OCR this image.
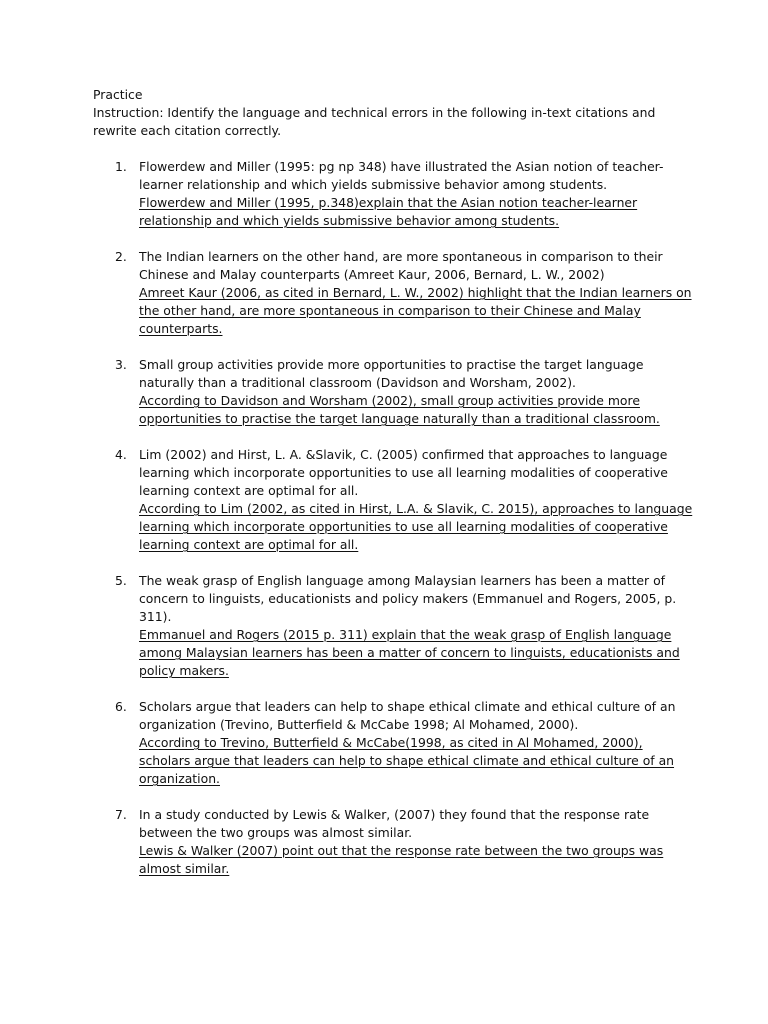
Practice

Instruction: Identify the language and technical errors in the following in-text citations and rewrite each citation correctly.

1. Flowerdew and Miller (1995: pg np 348) have illustrated the Asian notion of teacher-learner relationship and which yields submissive behavior among students.
Flowerdew and Miller (1995, p.348)explain that the Asian notion teacher-learner relationship and which yields submissive behavior among students.
2. The Indian learners on the other hand, are more spontaneous in comparison to their Chinese and Malay counterparts (Amreet Kaur, 2006, Bernard, L. W., 2002)
Amreet Kaur (2006, as cited in Bernard, L. W., 2002) highlight that the Indian learners on the other hand, are more spontaneous in comparison to their Chinese and Malay counterparts.
3. Small group activities provide more opportunities to practise the target language naturally than a traditional classroom (Davidson and Worsham, 2002).
According to Davidson and Worsham (2002), small group activities provide more opportunities to practise the target language naturally than a traditional classroom.
4. Lim (2002) and Hirst, L. A. &Slavik, C. (2005) confirmed that approaches to language learning which incorporate opportunities to use all learning modalities of cooperative learning context are optimal for all.
According to Lim (2002, as cited in Hirst, L.A. & Slavik, C. 2015), approaches to language learning which incorporate opportunities to use all learning modalities of cooperative learning context are optimal for all.
5. The weak grasp of English language among Malaysian learners has been a matter of concern to linguists, educationists and policy makers (Emmanuel and Rogers, 2005, p. 311).
Emmanuel and Rogers (2015 p. 311) explain that the weak grasp of English language among Malaysian learners has been a matter of concern to linguists, educationists and policy makers.
6. Scholars argue that leaders can help to shape ethical climate and ethical culture of an organization (Trevino, Butterfield & McCabe 1998; Al Mohamed, 2000).
According to Trevino, Butterfield & McCabe(1998, as cited in Al Mohamed, 2000), scholars argue that leaders can help to shape ethical climate and ethical culture of an organization.
7. In a study conducted by Lewis & Walker, (2007) they found that the response rate between the two groups was almost similar.
Lewis & Walker (2007) point out that the response rate between the two groups was almost similar.
